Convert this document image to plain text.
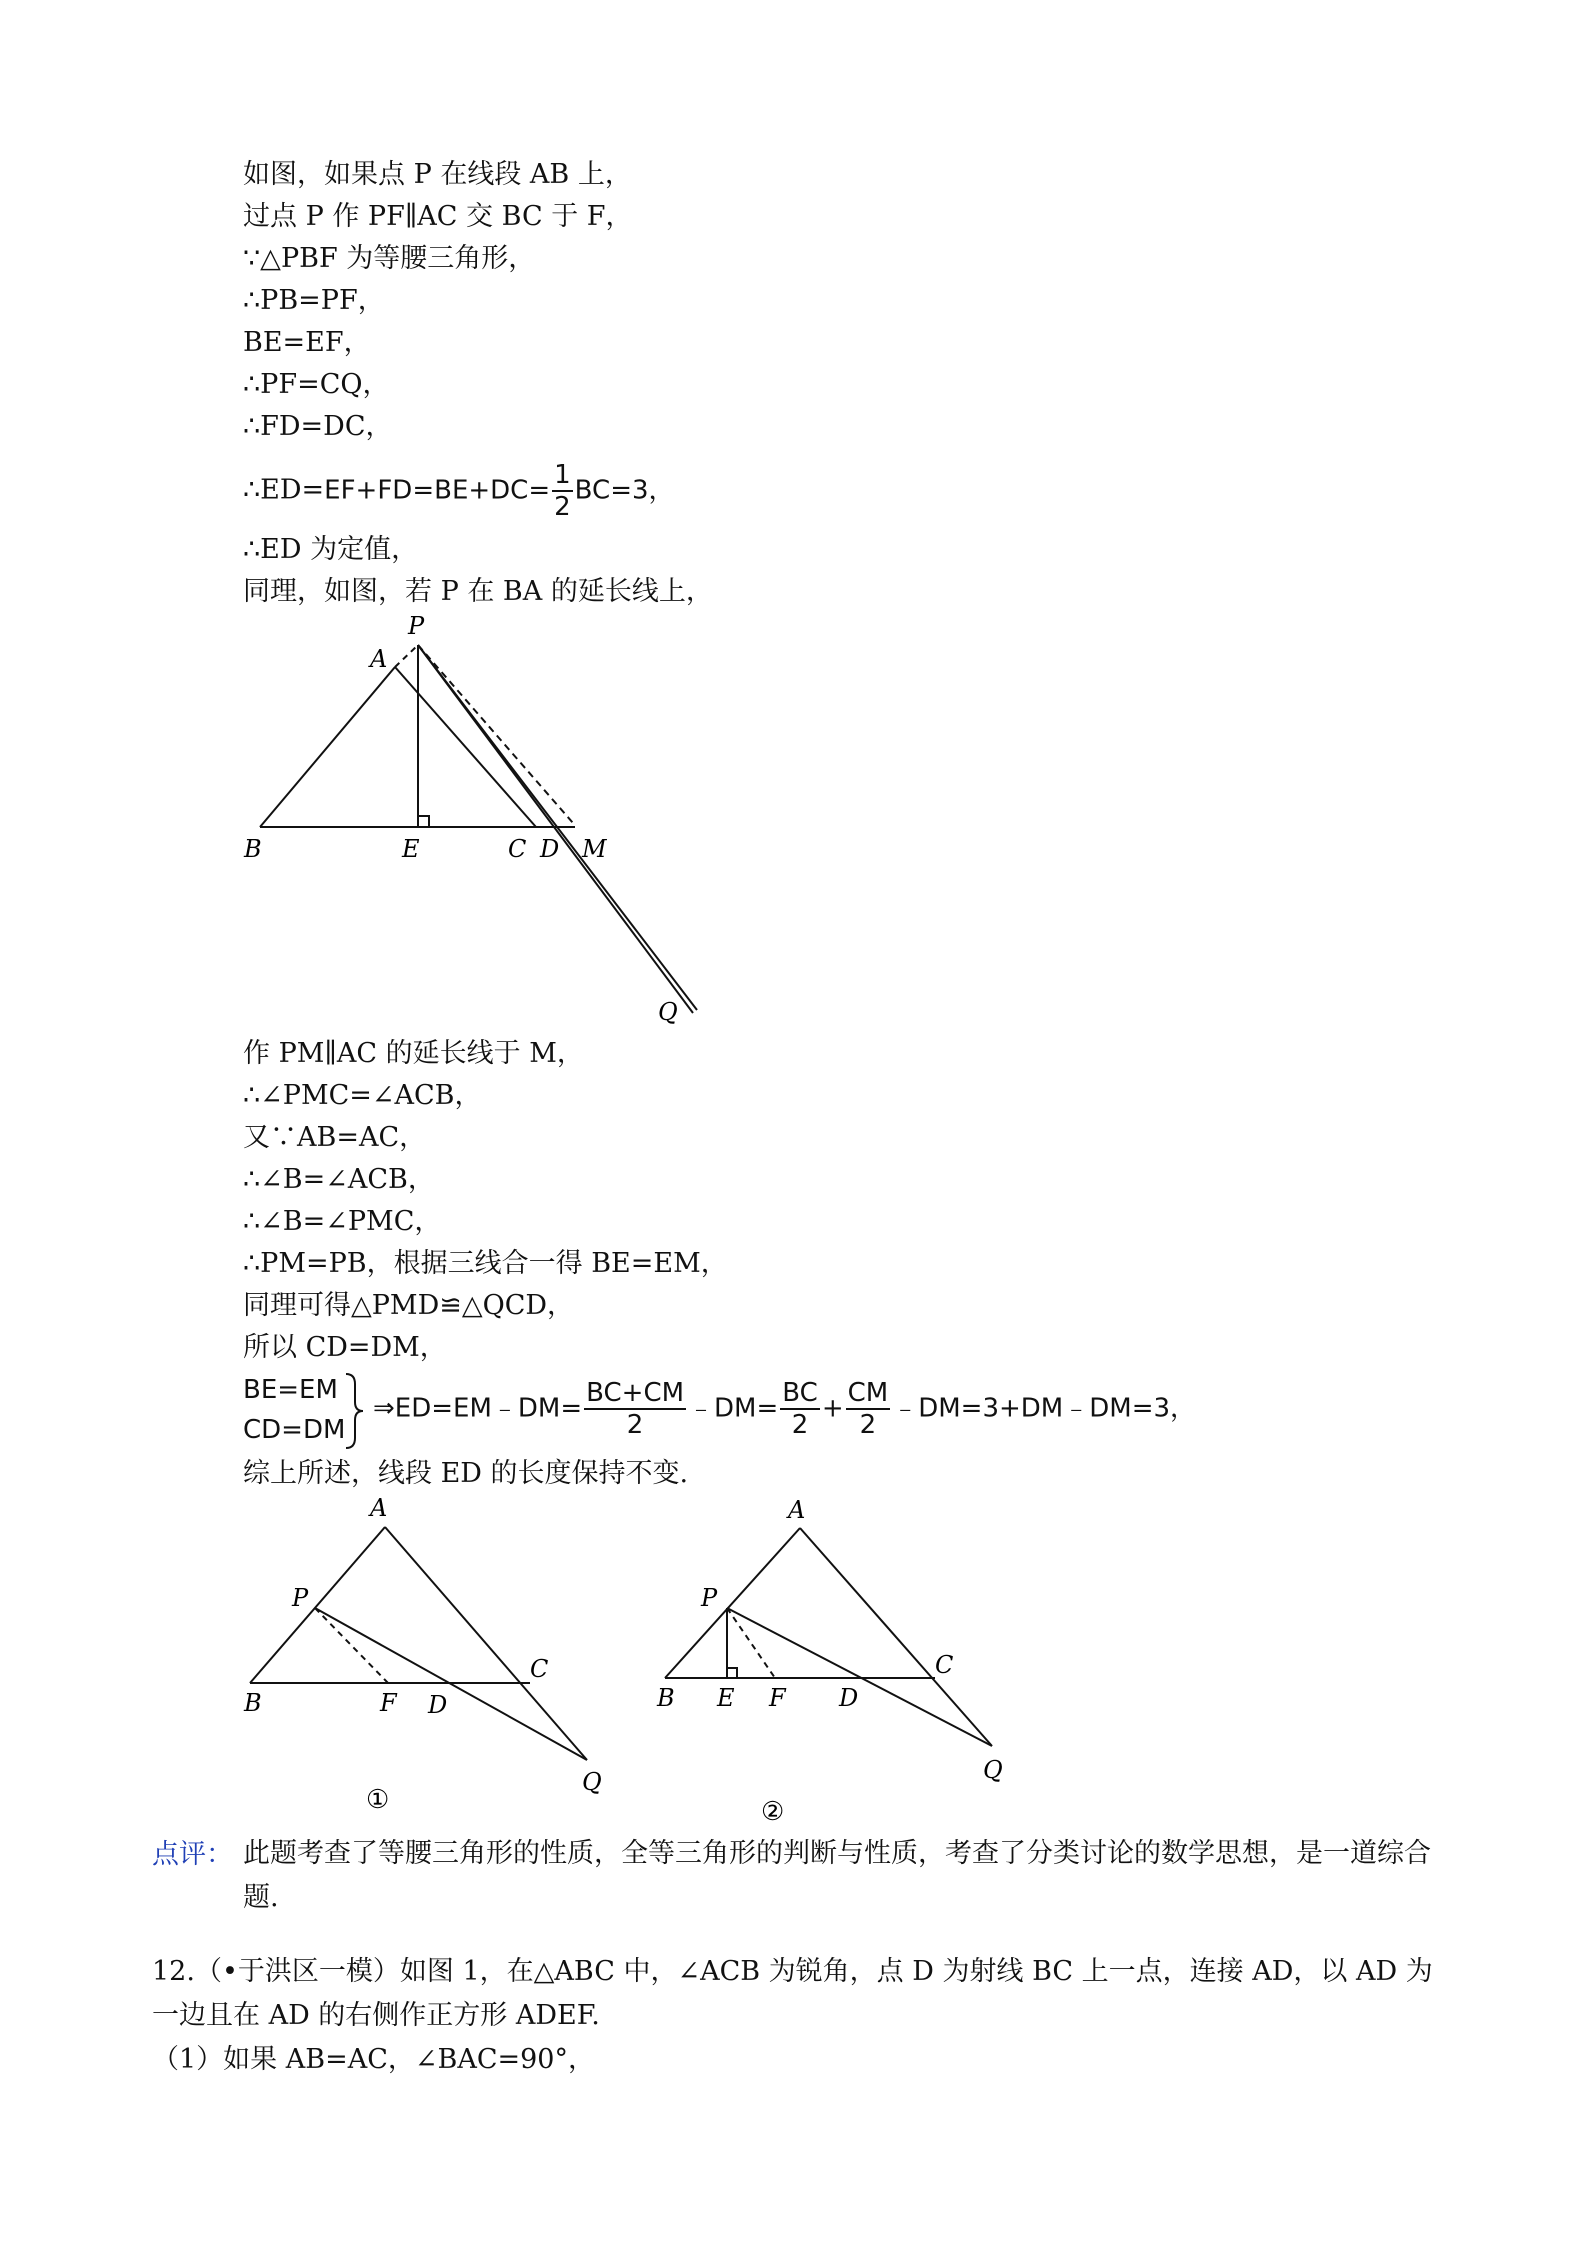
如图，如果点 P 在线段 AB 上，
过点 P 作 PF∥AC 交 BC 于 F，
∵△PBF 为等腰三角形，
∴PB=PF，
BE=EF，
∴PF=CQ，
∴FD=DC，
∴ED=EF+FD=BE+DC= $\frac{1}{2} BC=3$，
∴ED 为定值，
同理，如图，若 P 在 BA 的延长线上，
P
A
B	E	C D M
Q
作 PM∥AC 的延长线于 M，
∴∠PMC=∠ACB，
又∵AB=AC，
∴∠B=∠ACB，
∴∠B=∠PMC，
∴PM=PB，根据三线合一得 BE=EM，
同理可得△PMD≌△QCD，
所以 CD=DM，
BE=EM
CD=DM
⇒ED=EM﹣DM= $\frac{BC+CM}{2}$ ﹣DM= $\frac{BC}{2} + \frac{CM}{2}$ ﹣DM=3+DM﹣DM=3，
综上所述，线段 ED 的长度保持不变.
A
P
B	F D
C
Q
①
A
P
B E F D
C
Q
②
点评： 此题考查了等腰三角形的性质，全等三角形的判断与性质，考查了分类讨论的数学思想，是一道综合题.
12.（•于洪区一模）如图 1，在△ABC 中，∠ACB 为锐角，点 D 为射线 BC 上一点，连接 AD，以 AD 为
一边且在 AD 的右侧作正方形 ADEF.
（1）如果 AB=AC，∠BAC=90°，
